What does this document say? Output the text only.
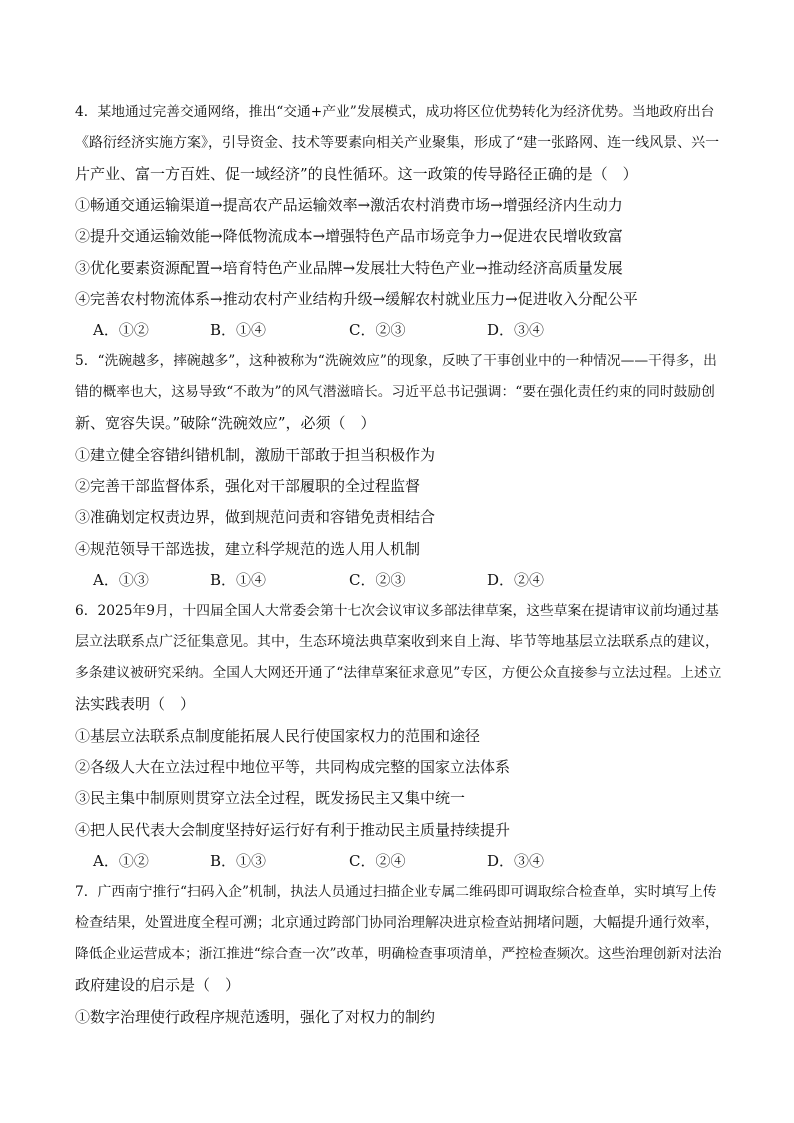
4．某地通过完善交通网络，推出“交通+产业”发展模式，成功将区位优势转化为经济优势。当地政府出台
《路衍经济实施方案》，引导资金、技术等要素向相关产业聚集，形成了“建一张路网、连一线风景、兴一
片产业、富一方百姓、促一域经济”的良性循环。这一政策的传导路径正确的是（　）
①畅通交通运输渠道→提高农产品运输效率→激活农村消费市场→增强经济内生动力
②提升交通运输效能→降低物流成本→增强特色产品市场竞争力→促进农民增收致富
③优化要素资源配置→培育特色产业品牌→发展壮大特色产业→推动经济高质量发展
④完善农村物流体系→推动农村产业结构升级→缓解农村就业压力→促进收入分配公平
A．①②	B．①④	C．②③	D．③④
5．“洗碗越多，摔碗越多”，这种被称为“洗碗效应”的现象，反映了干事创业中的一种情况——干得多，出
错的概率也大，这易导致“不敢为”的风气潜滋暗长。习近平总书记强调：“要在强化责任约束的同时鼓励创
新、宽容失误。”破除“洗碗效应”，必须（　）
①建立健全容错纠错机制，激励干部敢于担当积极作为
②完善干部监督体系，强化对干部履职的全过程监督
③准确划定权责边界，做到规范问责和容错免责相结合
④规范领导干部选拔，建立科学规范的选人用人机制
A．①③	B．①④	C．②③	D．②④
6．2025年9月，十四届全国人大常委会第十七次会议审议多部法律草案，这些草案在提请审议前均通过基
层立法联系点广泛征集意见。其中，生态环境法典草案收到来自上海、毕节等地基层立法联系点的建议，
多条建议被研究采纳。全国人大网还开通了“法律草案征求意见”专区，方便公众直接参与立法过程。上述立
法实践表明（　）
①基层立法联系点制度能拓展人民行使国家权力的范围和途径
②各级人大在立法过程中地位平等，共同构成完整的国家立法体系
③民主集中制原则贯穿立法全过程，既发扬民主又集中统一
④把人民代表大会制度坚持好运行好有利于推动民主质量持续提升
A．①②	B．①③	C．②④	D．③④
7．广西南宁推行“扫码入企”机制，执法人员通过扫描企业专属二维码即可调取综合检查单，实时填写上传
检查结果，处置进度全程可溯；北京通过跨部门协同治理解决进京检查站拥堵问题，大幅提升通行效率，
降低企业运营成本；浙江推进“综合查一次”改革，明确检查事项清单，严控检查频次。这些治理创新对法治
政府建设的启示是（　）
①数字治理使行政程序规范透明，强化了对权力的制约
